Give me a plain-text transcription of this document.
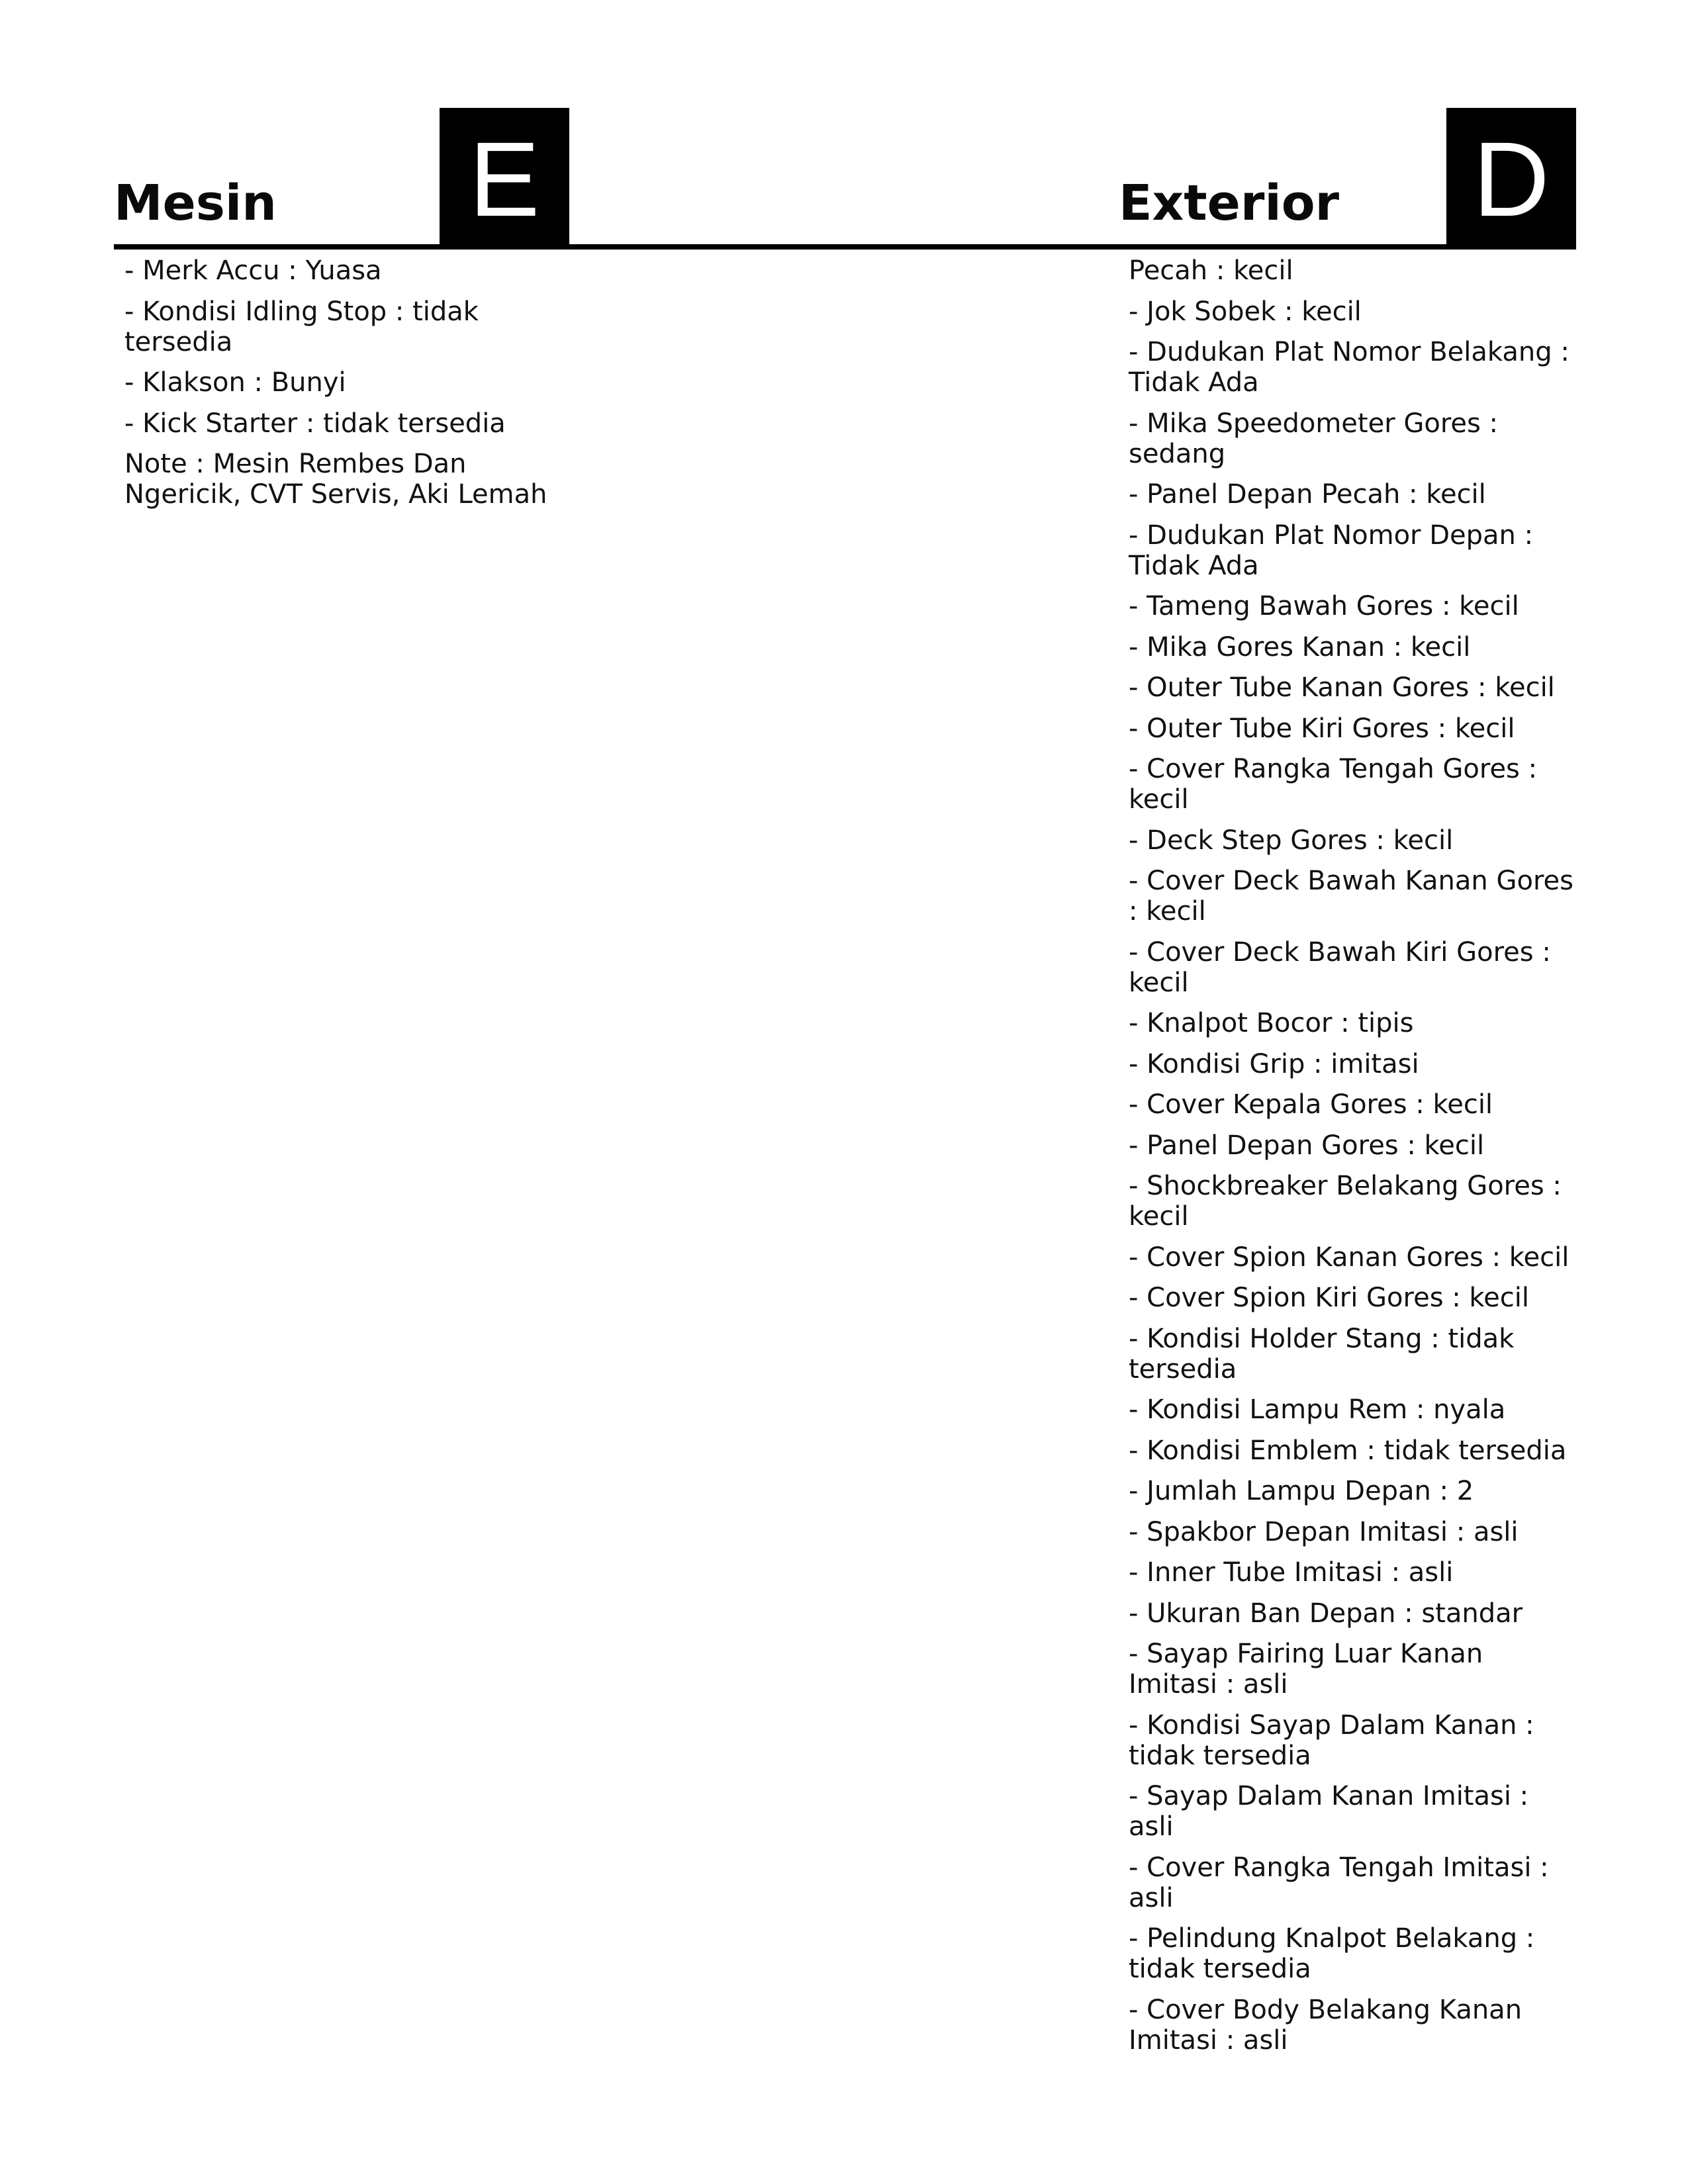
Mesin E	Exterior D
- Merk Accu : Yuasa
- Kondisi Idling Stop : tidak tersedia
- Klakson : Bunyi
- Kick Starter : tidak tersedia
Note : Mesin Rembes Dan Ngericik, CVT Servis, Aki Lemah
Pecah : kecil
- Jok Sobek : kecil
- Dudukan Plat Nomor Belakang : Tidak Ada
- Mika Speedometer Gores : sedang
- Panel Depan Pecah : kecil
- Dudukan Plat Nomor Depan : Tidak Ada
- Tameng Bawah Gores : kecil
- Mika Gores Kanan : kecil
- Outer Tube Kanan Gores : kecil
- Outer Tube Kiri Gores : kecil
- Cover Rangka Tengah Gores : kecil
- Deck Step Gores : kecil
- Cover Deck Bawah Kanan Gores : kecil
- Cover Deck Bawah Kiri Gores : kecil
- Knalpot Bocor : tipis
- Kondisi Grip : imitasi
- Cover Kepala Gores : kecil
- Panel Depan Gores : kecil
- Shockbreaker Belakang Gores : kecil
- Cover Spion Kanan Gores : kecil
- Cover Spion Kiri Gores : kecil
- Kondisi Holder Stang : tidak tersedia
- Kondisi Lampu Rem : nyala
- Kondisi Emblem : tidak tersedia
- Jumlah Lampu Depan : 2
- Spakbor Depan Imitasi : asli
- Inner Tube Imitasi : asli
- Ukuran Ban Depan : standar
- Sayap Fairing Luar Kanan Imitasi : asli
- Kondisi Sayap Dalam Kanan : tidak tersedia
- Sayap Dalam Kanan Imitasi : asli
- Cover Rangka Tengah Imitasi : asli
- Pelindung Knalpot Belakang : tidak tersedia
- Cover Body Belakang Kanan Imitasi : asli
